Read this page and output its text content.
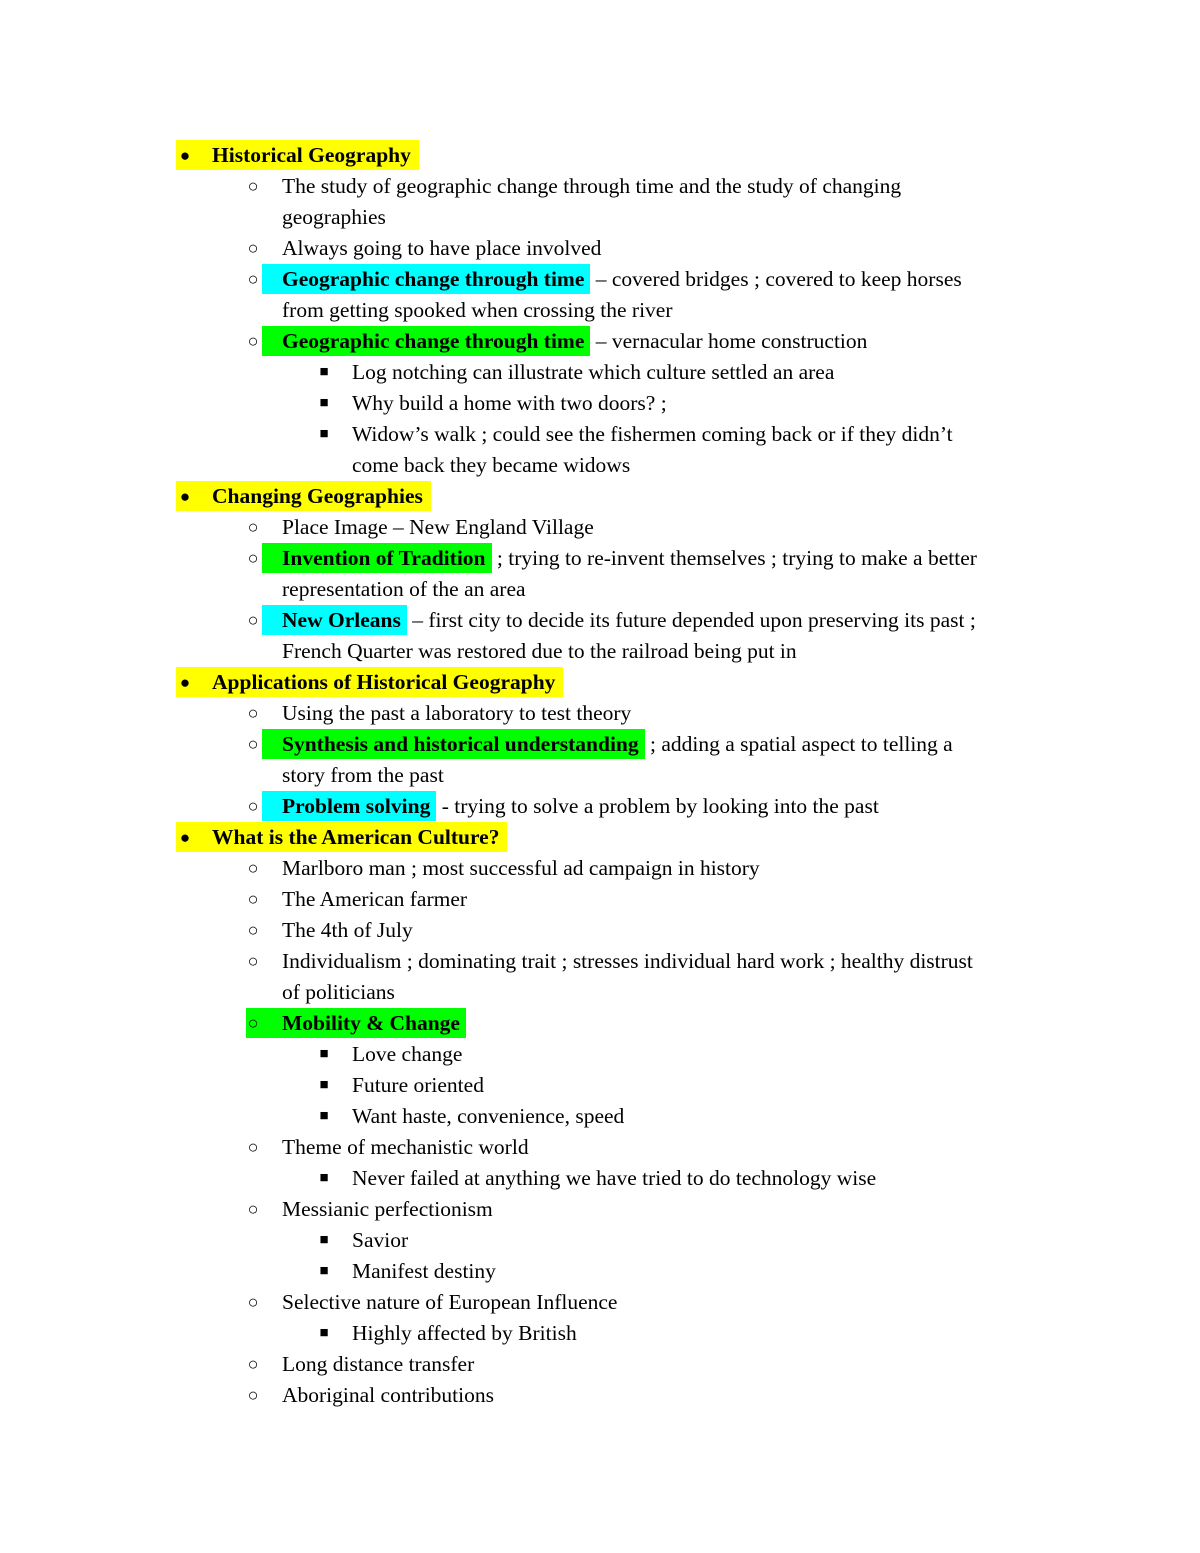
Historical Geography
●
The study of geographic change through time and the study of changing
○
geographies
Always going to have place involved
○
Geographic change through time – covered bridges ; covered to keep horses
○
from getting spooked when crossing the river
Geographic change through time – vernacular home construction
○
Log notching can illustrate which culture settled an area
■
Why build a home with two doors? ;
■
Widow’s walk ; could see the fishermen coming back or if they didn’t
■
come back they became widows
Changing Geographies
●
Place Image – New England Village
○
Invention of Tradition ; trying to re-invent themselves ; trying to make a better
○
representation of the an area
New Orleans – first city to decide its future depended upon preserving its past ;
○
French Quarter was restored due to the railroad being put in
Applications of Historical Geography
●
Using the past a laboratory to test theory
○
Synthesis and historical understanding ; adding a spatial aspect to telling a
○
story from the past
Problem solving - trying to solve a problem by looking into the past
○
What is the American Culture?
●
Marlboro man ; most successful ad campaign in history
○
The American farmer
○
The 4th of July
○
Individualism ; dominating trait ; stresses individual hard work ; healthy distrust
○
of politicians
Mobility & Change
○
Love change
■
Future oriented
■
Want haste, convenience, speed
■
Theme of mechanistic world
○
Never failed at anything we have tried to do technology wise
■
Messianic perfectionism
○
Savior
■
Manifest destiny
■
Selective nature of European Influence
○
Highly affected by British
■
Long distance transfer
○
Aboriginal contributions
○
